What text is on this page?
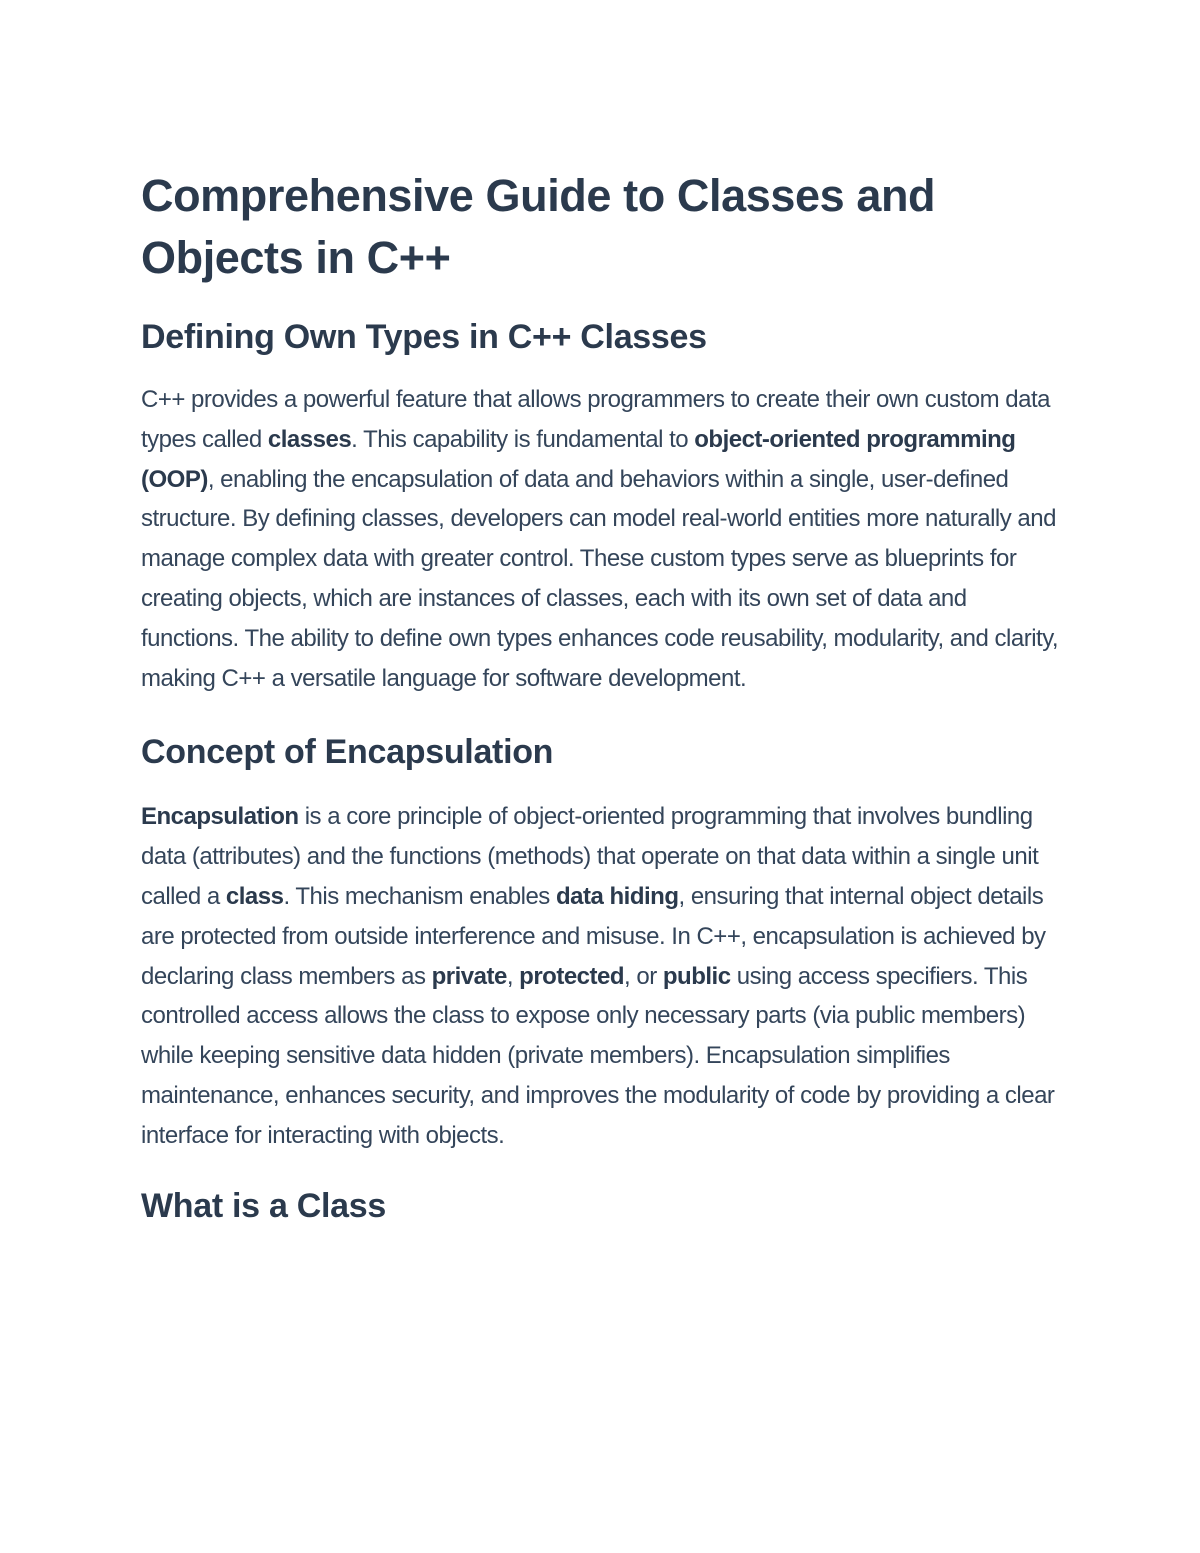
Comprehensive Guide to Classes and Objects in C++
Defining Own Types in C++ Classes

C++ provides a powerful feature that allows programmers to create their own custom data types called classes. This capability is fundamental to object-oriented programming (OOP), enabling the encapsulation of data and behaviors within a single, user-defined structure. By defining classes, developers can model real-world entities more naturally and manage complex data with greater control. These custom types serve as blueprints for creating objects, which are instances of classes, each with its own set of data and functions. The ability to define own types enhances code reusability, modularity, and clarity, making C++ a versatile language for software development.

Concept of Encapsulation

Encapsulation is a core principle of object-oriented programming that involves bundling data (attributes) and the functions (methods) that operate on that data within a single unit called a class. This mechanism enables data hiding, ensuring that internal object details are protected from outside interference and misuse. In C++, encapsulation is achieved by declaring class members as private, protected, or public using access specifiers. This controlled access allows the class to expose only necessary parts (via public members) while keeping sensitive data hidden (private members). Encapsulation simplifies maintenance, enhances security, and improves the modularity of code by providing a clear interface for interacting with objects.

What is a Class
